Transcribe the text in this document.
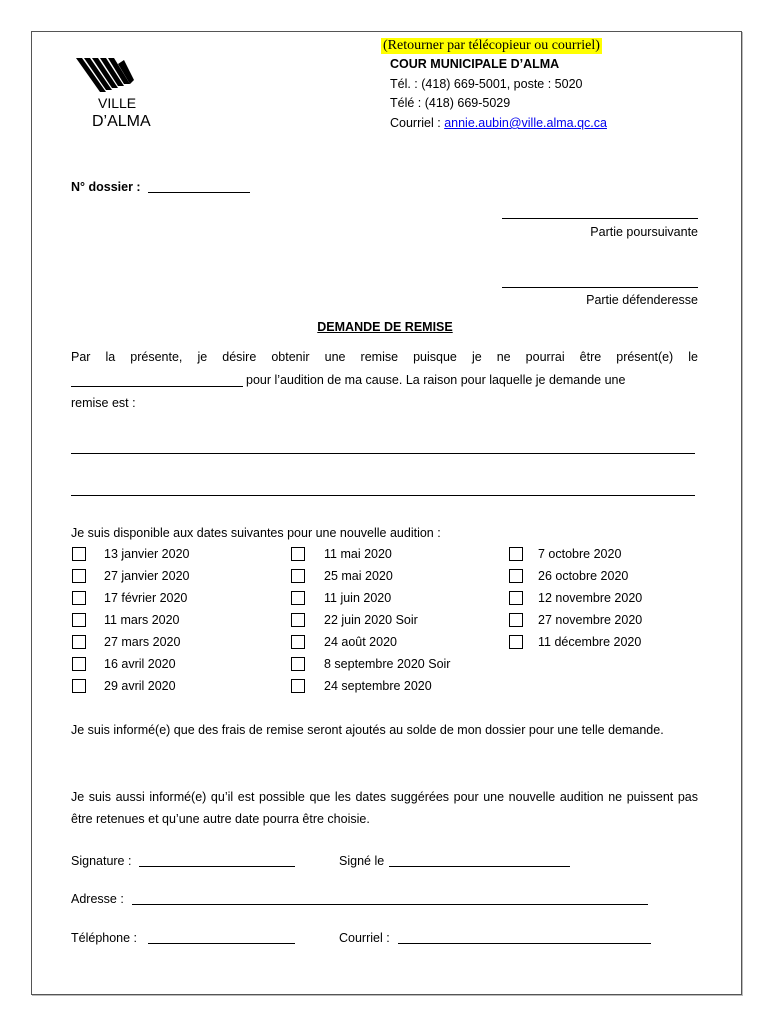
VILLE
D’ALMA
(Retourner par télécopieur ou courriel)
COUR MUNICIPALE D’ALMA
Tél. : (418) 669-5001, poste : 5020
Télé : (418) 669-5029
Courriel : annie.aubin@ville.alma.qc.ca
N° dossier :
Partie poursuivante
Partie défenderesse
DEMANDE DE REMISE
Par la présente, je désire obtenir une remise puisque je ne pourrai être présent(e) le
pour l’audition de ma cause. La raison pour laquelle je demande une
remise est :
Je suis disponible aux dates suivantes pour une nouvelle audition :
13 janvier 2020
27 janvier 2020
17 février 2020
11 mars 2020
27 mars 2020
16 avril 2020
29 avril 2020
11 mai 2020
25 mai 2020
11 juin 2020
22 juin 2020 Soir
24 août 2020
8 septembre 2020 Soir
24 septembre 2020
7 octobre 2020
26 octobre 2020
12 novembre 2020
27 novembre 2020
11 décembre 2020
Je suis informé(e) que des frais de remise seront ajoutés au solde de mon dossier pour une telle demande.
Je suis aussi informé(e) qu’il est possible que les dates suggérées pour une nouvelle audition ne puissent pas être retenues et qu’une autre date pourra être choisie.
Signature :	Signé le
Adresse :
Téléphone :	Courriel :
